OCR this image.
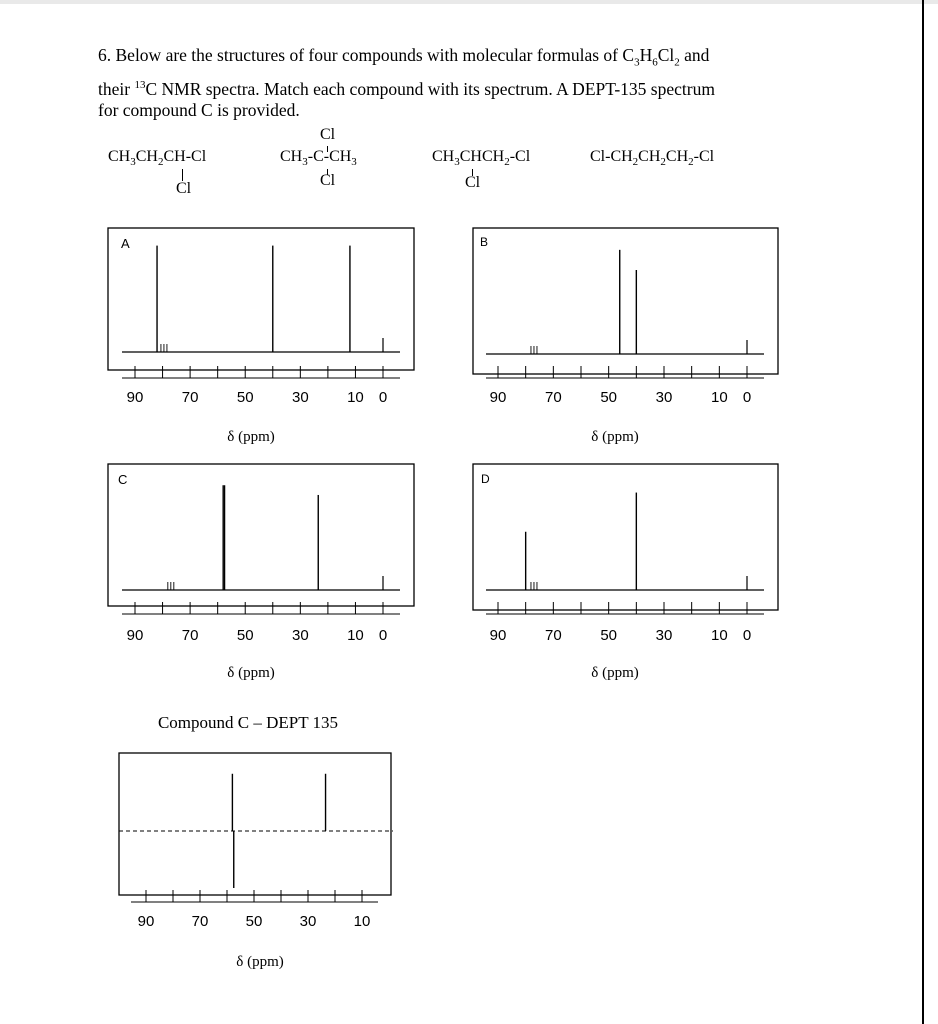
6. Below are the structures of four compounds with molecular formulas of $C_3H_6Cl_2$ and
their $^{13}$C NMR spectra. Match each compound with its spectrum. A DEPT-135 spectrum
for compound C is provided.
$CH_3CH_2CH-Cl$
Cl
Cl
$CH_3-C-CH_3$
Cl
$CH_3CHCH_2-Cl$
Cl
$Cl-CH_2CH_2CH_2-Cl$
A
90	70	50	30	10 0
δ (ppm)
B
90	70	50	30	10 0
δ (ppm)
C
90	70	50	30	10 0
δ (ppm)
D
90	70	50	30	10 0
δ (ppm)
Compound C – DEPT 135
90 70 50 30 10
δ (ppm)
